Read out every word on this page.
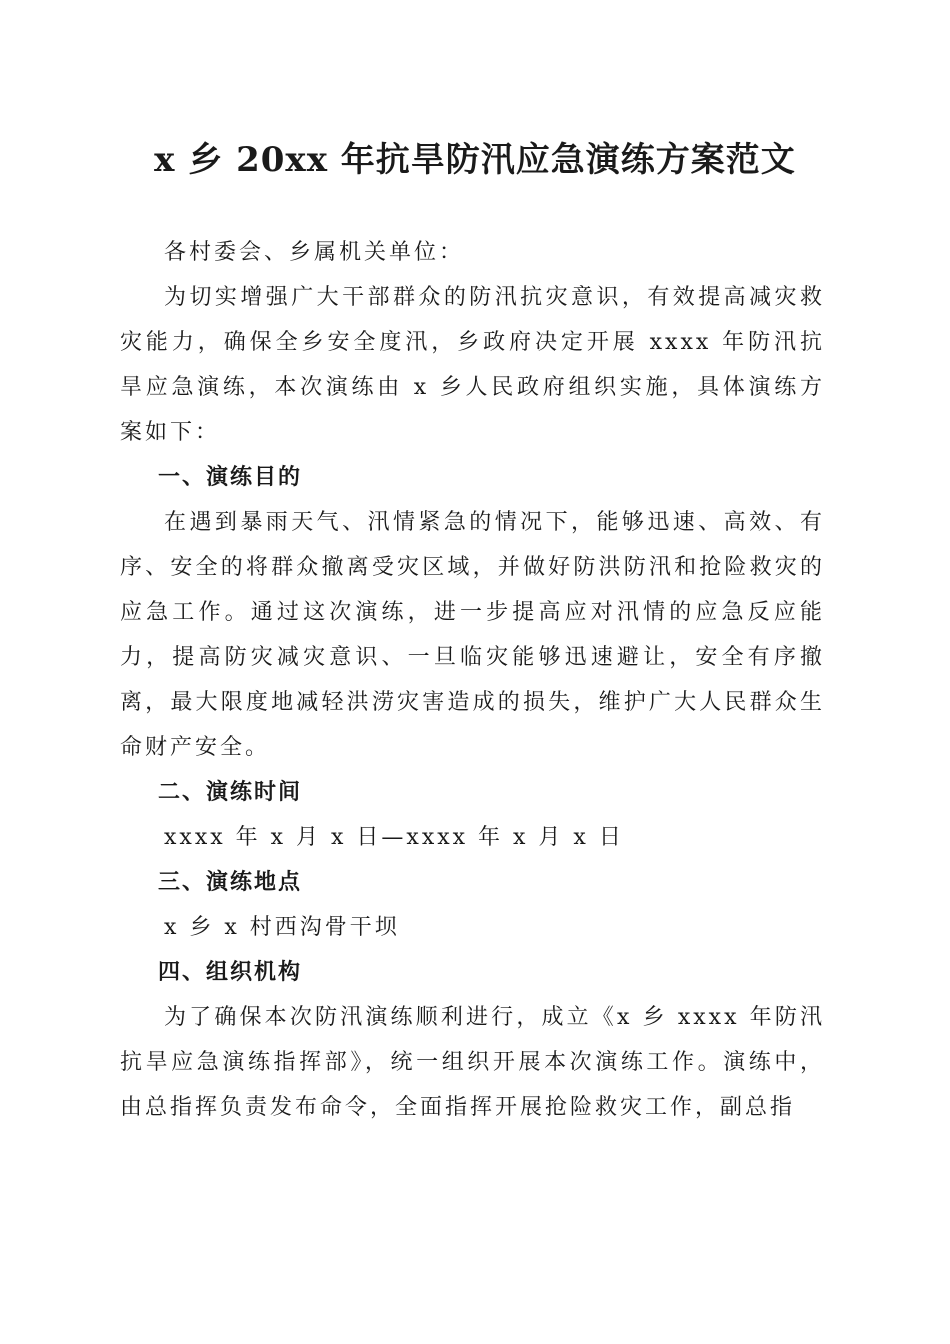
x 乡 20xx 年抗旱防汛应急演练方案范文

各村委会、乡属机关单位：

为切实增强广大干部群众的防汛抗灾意识，有效提高减灾救灾能力，确保全乡安全度汛，乡政府决定开展 xxxx 年防汛抗旱应急演练，本次演练由 x 乡人民政府组织实施，具体演练方案如下：

一、演练目的

在遇到暴雨天气、汛情紧急的情况下，能够迅速、高效、有序、安全的将群众撤离受灾区域，并做好防洪防汛和抢险救灾的应急工作。通过这次演练，进一步提高应对汛情的应急反应能力，提高防灾减灾意识、一旦临灾能够迅速避让，安全有序撤离，最大限度地减轻洪涝灾害造成的损失，维护广大人民群众生命财产安全。

二、演练时间

xxxx 年 x 月 x 日—xxxx 年 x 月 x 日

三、演练地点

x 乡 x 村西沟骨干坝

四、组织机构

为了确保本次防汛演练顺利进行，成立《x 乡 xxxx 年防汛抗旱应急演练指挥部》，统一组织开展本次演练工作。演练中，由总指挥负责发布命令，全面指挥开展抢险救灾工作，副总指
